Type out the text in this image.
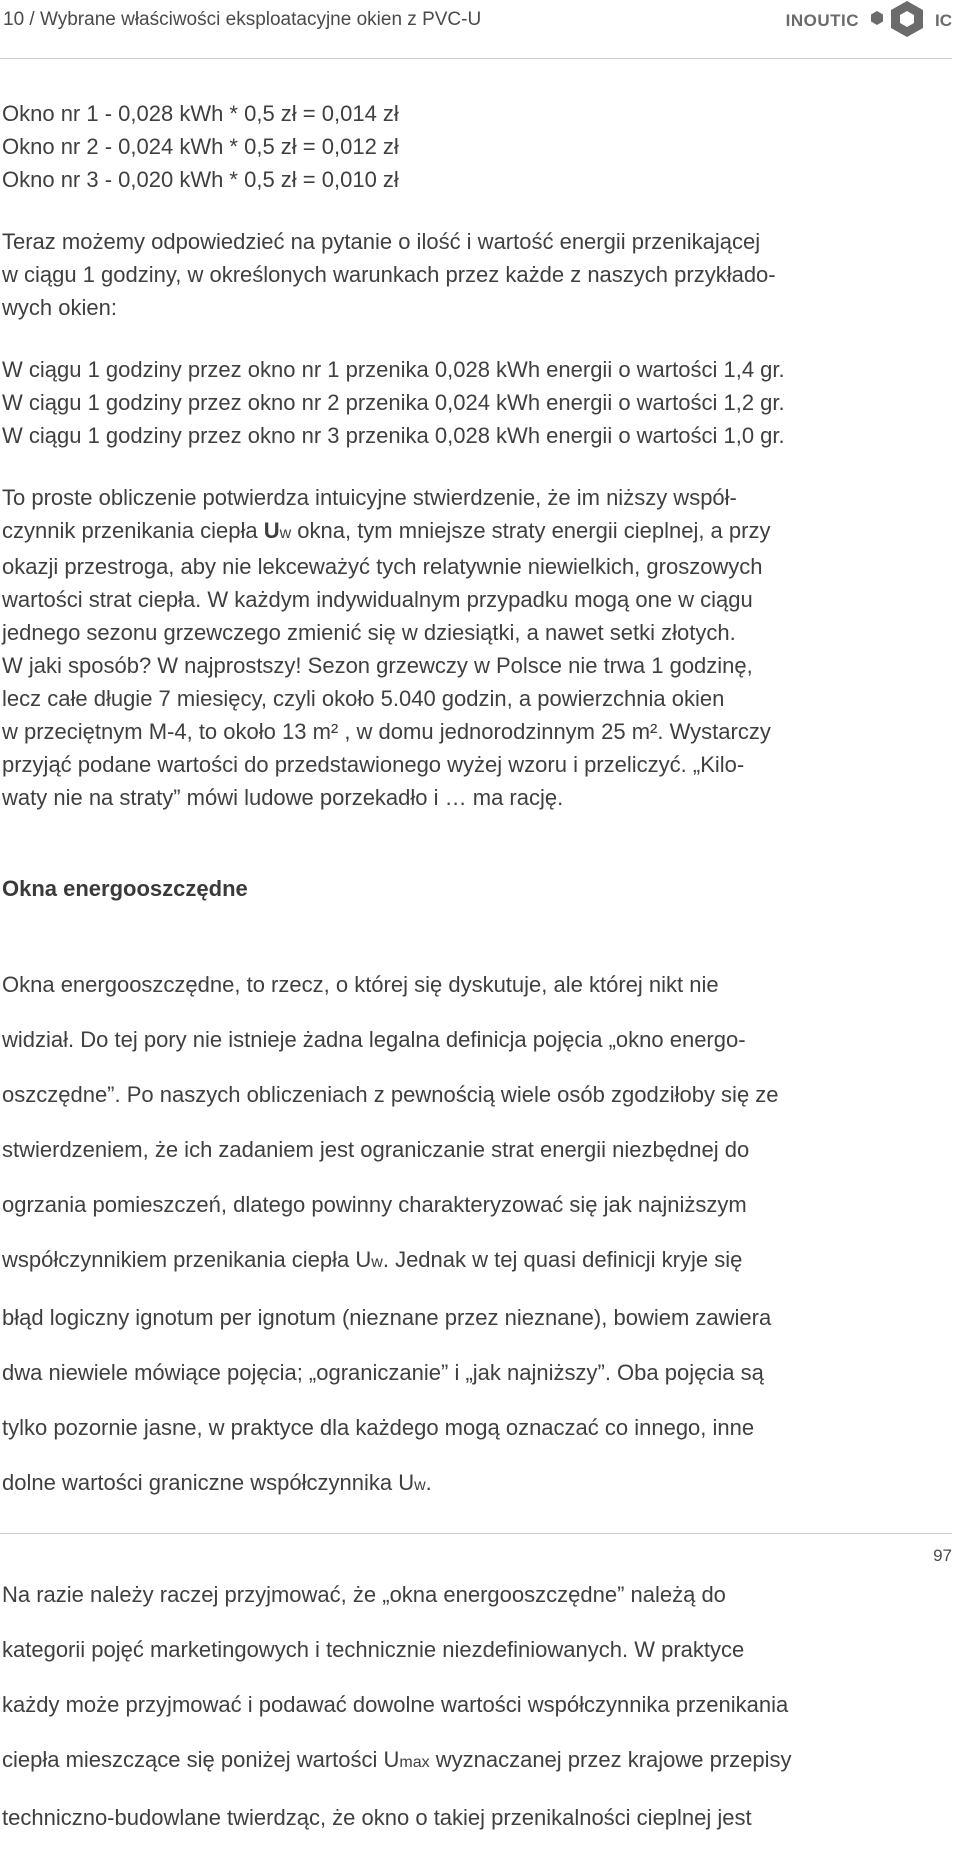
10 / Wybrane właściwości eksploatacyjne okien z PVC-U	INOUTIC	IC

Okno nr 1 - 0,028 kWh * 0,5 zł = 0,014 zł

Okno nr 2 - 0,024 kWh * 0,5 zł = 0,012 zł

Okno nr 3 - 0,020 kWh * 0,5 zł = 0,010 zł

Teraz możemy odpowiedzieć na pytanie o ilość i wartość energii przenikającej

w ciągu 1 godziny, w określonych warunkach przez każde z naszych przykłado-

wych okien:

W ciągu 1 godziny przez okno nr 1 przenika 0,028 kWh energii o wartości 1,4 gr.

W ciągu 1 godziny przez okno nr 2 przenika 0,024 kWh energii o wartości 1,2 gr.

W ciągu 1 godziny przez okno nr 3 przenika 0,028 kWh energii o wartości 1,0 gr.

To proste obliczenie potwierdza intuicyjne stwierdzenie, że im niższy współ-

czynnik przenikania ciepła Uw okna, tym mniejsze straty energii cieplnej, a przy

okazji przestroga, aby nie lekceważyć tych relatywnie niewielkich, groszowych

wartości strat ciepła. W każdym indywidualnym przypadku mogą one w ciągu

jednego sezonu grzewczego zmienić się w dziesiątki, a nawet setki złotych.

W jaki sposób? W najprostszy! Sezon grzewczy w Polsce nie trwa 1 godzinę,

lecz całe długie 7 miesięcy, czyli około 5.040 godzin, a powierzchnia okien

w przeciętnym M-4, to około 13 m² , w domu jednorodzinnym 25 m². Wystarczy

przyjąć podane wartości do przedstawionego wyżej wzoru i przeliczyć. „Kilo-

waty nie na straty” mówi ludowe porzekadło i … ma rację.

Okna energooszczędne

Okna energooszczędne, to rzecz, o której się dyskutuje, ale której nikt nie

widział. Do tej pory nie istnieje żadna legalna definicja pojęcia „okno energo-

oszczędne”. Po naszych obliczeniach z pewnością wiele osób zgodziłoby się ze

stwierdzeniem, że ich zadaniem jest ograniczanie strat energii niezbędnej do

ogrzania pomieszczeń, dlatego powinny charakteryzować się jak najniższym

współczynnikiem przenikania ciepła Uw. Jednak w tej quasi definicji kryje się

błąd logiczny ignotum per ignotum (nieznane przez nieznane), bowiem zawiera

dwa niewiele mówiące pojęcia; „ograniczanie” i „jak najniższy”. Oba pojęcia są

tylko pozornie jasne, w praktyce dla każdego mogą oznaczać co innego, inne

dolne wartości graniczne współczynnika Uw.

Na razie należy raczej przyjmować, że „okna energooszczędne” należą do

kategorii pojęć marketingowych i technicznie niezdefiniowanych. W praktyce

każdy może przyjmować i podawać dowolne wartości współczynnika przenikania

ciepła mieszczące się poniżej wartości Umax wyznaczanej przez krajowe przepisy

techniczno-budowlane twierdząc, że okno o takiej przenikalności cieplnej jest

97
